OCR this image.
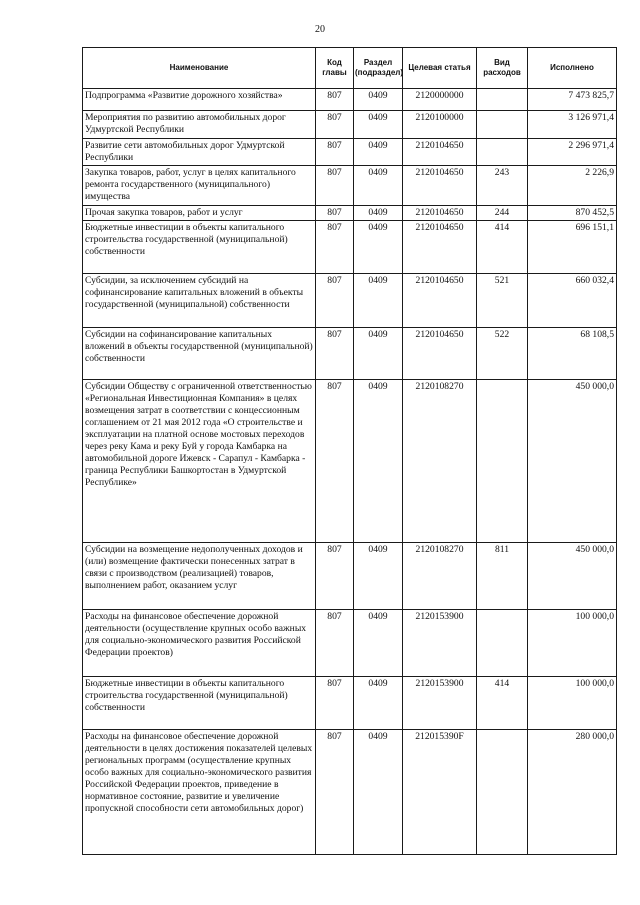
20
Наименование	Код главы	Раздел (подраздел)	Целевая статья	Вид расходов	Исполнено
Подпрограмма «Развитие дорожного хозяйства»	807	0409	2120000000		7 473 825,7
Мероприятия по развитию автомобильных дорог Удмуртской Республики	807	0409	2120100000		3 126 971,4
Развитие сети автомобильных дорог Удмуртской Республики	807	0409	2120104650		2 296 971,4
Закупка товаров, работ, услуг в целях капитального ремонта государственного (муниципального) имущества	807	0409	2120104650	243	2 226,9
Прочая закупка товаров, работ и услуг	807	0409	2120104650	244	870 452,5
Бюджетные инвестиции в объекты капитального строительства государственной (муниципальной) собственности	807	0409	2120104650	414	696 151,1
Субсидии, за исключением субсидий на софинансирование капитальных вложений в объекты государственной (муниципальной) собственности	807	0409	2120104650	521	660 032,4
Субсидии на софинансирование капитальных вложений в объекты государственной (муниципальной) собственности	807	0409	2120104650	522	68 108,5
Субсидии Обществу с ограниченной ответственностью «Региональная Инвестиционная Компания» в целях возмещения затрат в соответствии с концессионным соглашением от 21 мая 2012 года «О строительстве и эксплуатации на платной основе мостовых переходов через реку Кама и реку Буй у города Камбарка на автомобильной дороге Ижевск - Сарапул - Камбарка - граница Республики Башкортостан в Удмуртской Республике»	807	0409	2120108270		450 000,0
Субсидии на возмещение недополученных доходов и (или) возмещение фактически понесенных затрат в связи с производством (реализацией) товаров, выполнением работ, оказанием услуг	807	0409	2120108270	811	450 000,0
Расходы на финансовое обеспечение дорожной деятельности (осуществление крупных особо важных для социально-экономического развития Российской Федерации проектов)	807	0409	2120153900		100 000,0
Бюджетные инвестиции в объекты капитального строительства государственной (муниципальной) собственности	807	0409	2120153900	414	100 000,0
Расходы на финансовое обеспечение дорожной деятельности в целях достижения показателей целевых региональных программ (осуществление крупных особо важных для социально-экономического развития Российской Федерации проектов, приведение в нормативное состояние, развитие и увеличение пропускной способности сети автомобильных дорог)	807	0409	212015390F		280 000,0
